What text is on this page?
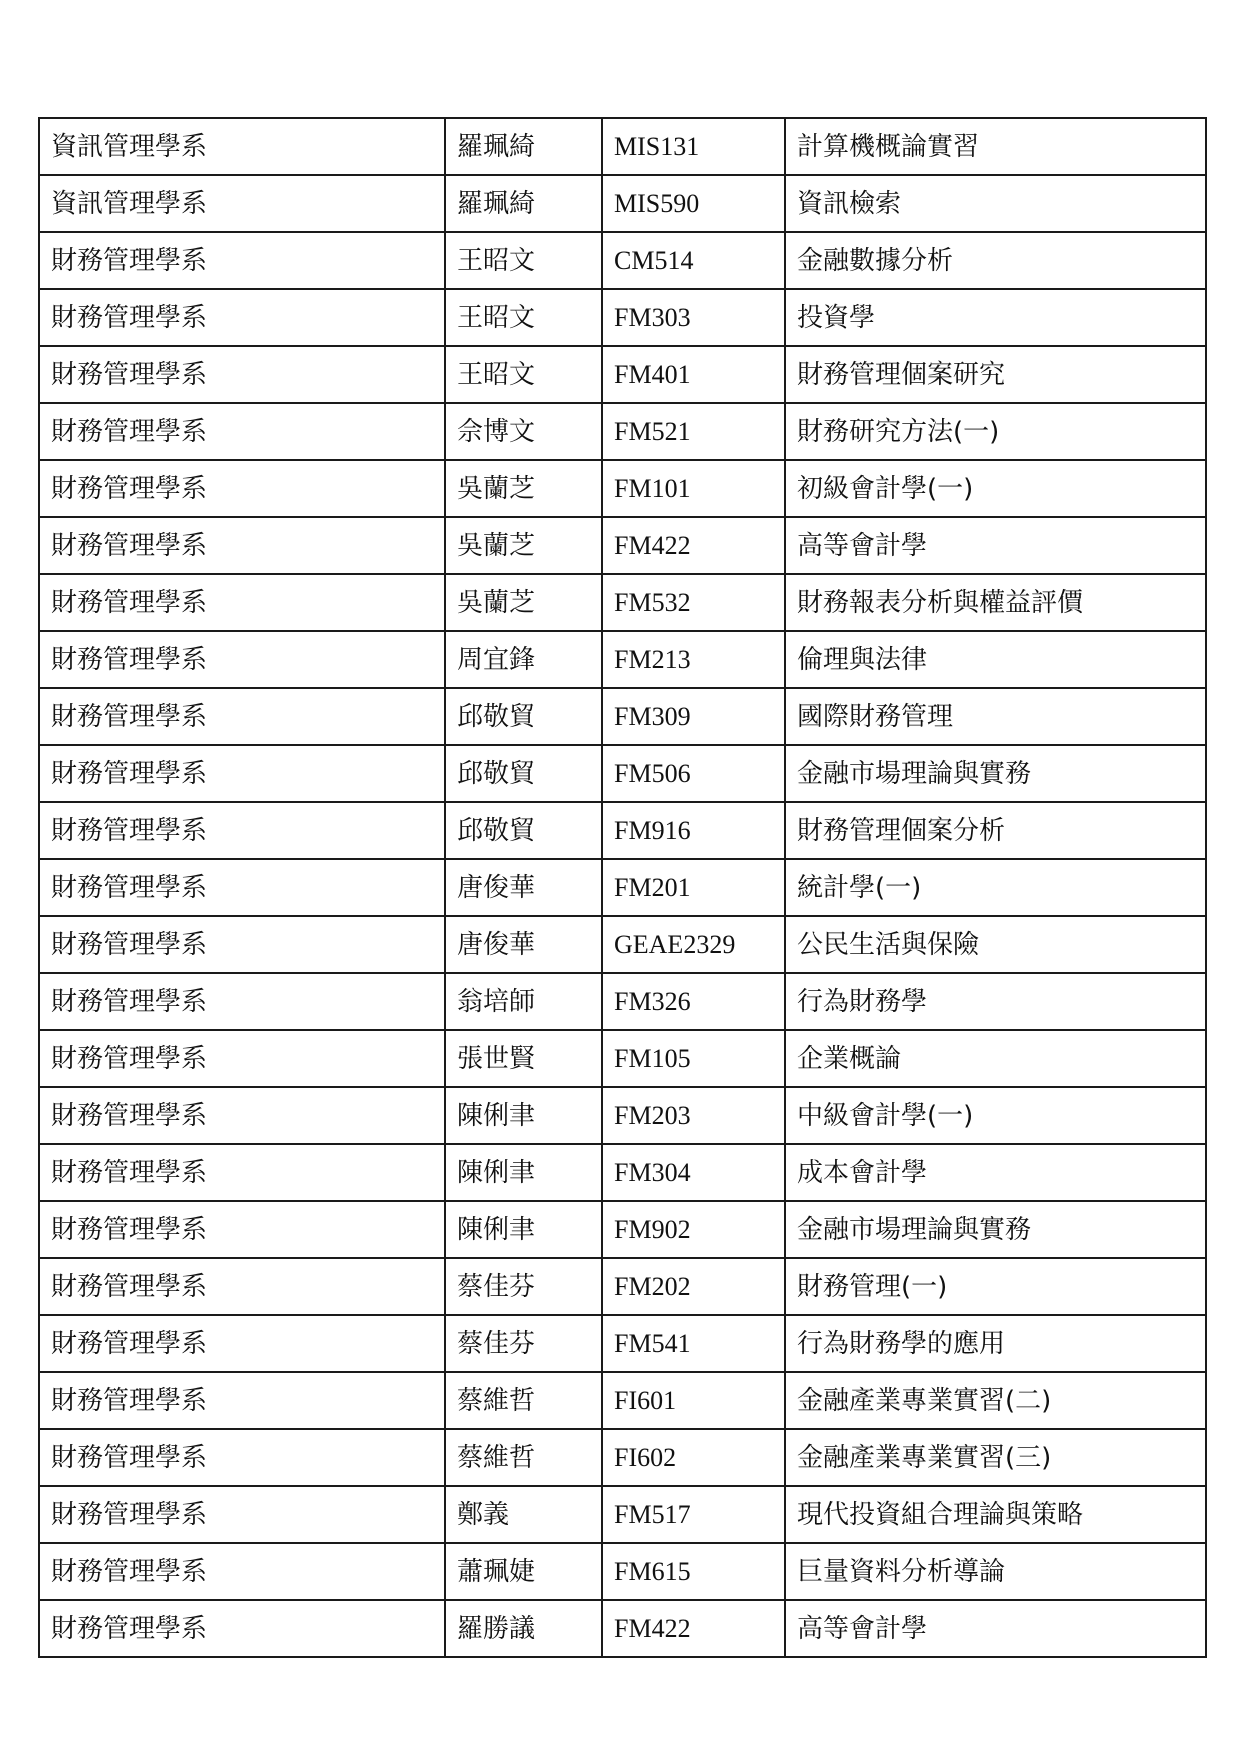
資訊管理學系	羅珮綺	MIS131	計算機概論實習
資訊管理學系	羅珮綺	MIS590	資訊檢索
財務管理學系	王昭文	CM514	金融數據分析
財務管理學系	王昭文	FM303	投資學
財務管理學系	王昭文	FM401	財務管理個案研究
財務管理學系	佘博文	FM521	財務研究方法(一)
財務管理學系	吳蘭芝	FM101	初級會計學(一)
財務管理學系	吳蘭芝	FM422	高等會計學
財務管理學系	吳蘭芝	FM532	財務報表分析與權益評價
財務管理學系	周宜鋒	FM213	倫理與法律
財務管理學系	邱敬貿	FM309	國際財務管理
財務管理學系	邱敬貿	FM506	金融市場理論與實務
財務管理學系	邱敬貿	FM916	財務管理個案分析
財務管理學系	唐俊華	FM201	統計學(一)
財務管理學系	唐俊華	GEAE2329	公民生活與保險
財務管理學系	翁培師	FM326	行為財務學
財務管理學系	張世賢	FM105	企業概論
財務管理學系	陳俐聿	FM203	中級會計學(一)
財務管理學系	陳俐聿	FM304	成本會計學
財務管理學系	陳俐聿	FM902	金融市場理論與實務
財務管理學系	蔡佳芬	FM202	財務管理(一)
財務管理學系	蔡佳芬	FM541	行為財務學的應用
財務管理學系	蔡維哲	FI601	金融產業專業實習(二)
財務管理學系	蔡維哲	FI602	金融產業專業實習(三)
財務管理學系	鄭義	FM517	現代投資組合理論與策略
財務管理學系	蕭珮婕	FM615	巨量資料分析導論
財務管理學系	羅勝議	FM422	高等會計學
